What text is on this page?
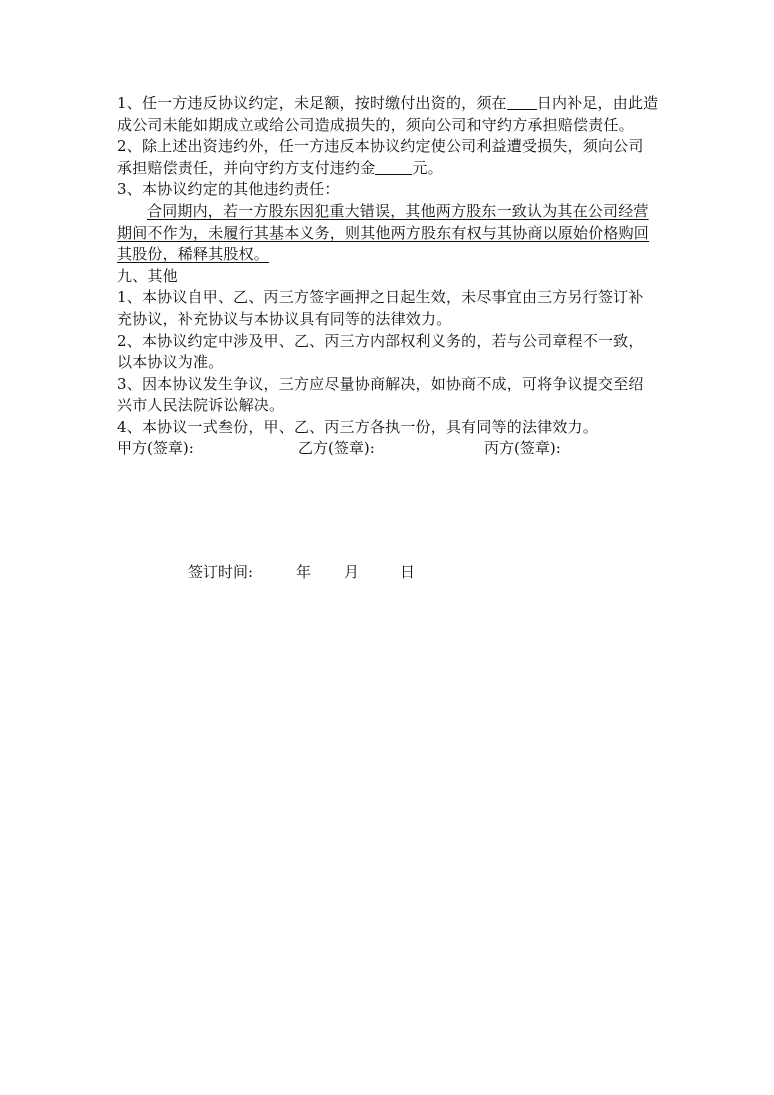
1、任一方违反协议约定，未足额，按时缴付出资的，须在 日内补足，由此造
成公司未能如期成立或给公司造成损失的，须向公司和守约方承担赔偿责任。
2、除上述出资违约外，任一方违反本协议约定使公司利益遭受损失，须向公司
承担赔偿责任，并向守约方支付违约金 元。
3、本协议约定的其他违约责任：
合同期内，若一方股东因犯重大错误，其他两方股东一致认为其在公司经营
期间不作为，未履行其基本义务，则其他两方股东有权与其协商以原始价格购回
其股份，稀释其股权。
九、其他
1、本协议自甲、乙、丙三方签字画押之日起生效，未尽事宜由三方另行签订补
充协议，补充协议与本协议具有同等的法律效力。
2、本协议约定中涉及甲、乙、丙三方内部权利义务的，若与公司章程不一致，
以本协议为准。
3、因本协议发生争议，三方应尽量协商解决，如协商不成，可将争议提交至绍
兴市人民法院诉讼解决。
4、本协议一式叁份，甲、乙、丙三方各执一份，具有同等的法律效力。
甲方(签章):	乙方(签章):	丙方(签章):
签订时间:	年 月	日
